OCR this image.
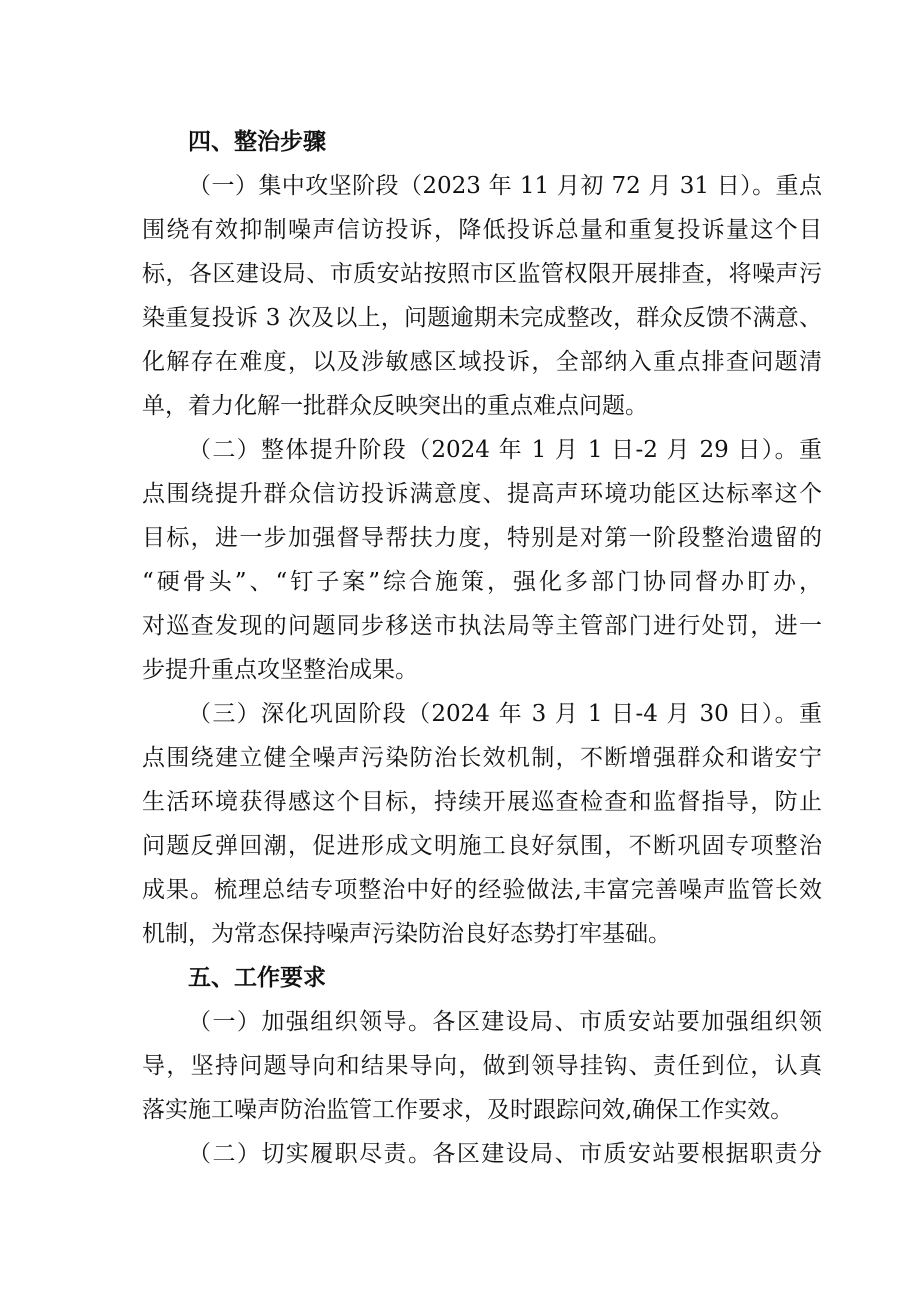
四、整治步骤
（一）集中攻坚阶段（2023 年 11 月初 72 月 31 日）。重点
围绕有效抑制噪声信访投诉，降低投诉总量和重复投诉量这个目
标，各区建设局、市质安站按照市区监管权限开展排查，将噪声污
染重复投诉 3 次及以上，问题逾期未完成整改，群众反馈不满意、
化解存在难度，以及涉敏感区域投诉，全部纳入重点排查问题清
单，着力化解一批群众反映突出的重点难点问题。
（二）整体提升阶段（2024 年 1 月 1 日-2 月 29 日）。重
点围绕提升群众信访投诉满意度、提高声环境功能区达标率这个
目标，进一步加强督导帮扶力度，特别是对第一阶段整治遗留的
“硬骨头”、“钉子案”综合施策，强化多部门协同督办盯办，
对巡查发现的问题同步移送市执法局等主管部门进行处罚，进一
步提升重点攻坚整治成果。
（三）深化巩固阶段（2024 年 3 月 1 日-4 月 30 日）。重
点围绕建立健全噪声污染防治长效机制，不断增强群众和谐安宁
生活环境获得感这个目标，持续开展巡查检查和监督指导，防止
问题反弹回潮，促进形成文明施工良好氛围，不断巩固专项整治
成果。梳理总结专项整治中好的经验做法,丰富完善噪声监管长效
机制，为常态保持噪声污染防治良好态势打牢基础。
五、工作要求
（一）加强组织领导。各区建设局、市质安站要加强组织领
导，坚持问题导向和结果导向，做到领导挂钩、责任到位，认真
落实施工噪声防治监管工作要求，及时跟踪问效,确保工作实效。
（二）切实履职尽责。各区建设局、市质安站要根据职责分
